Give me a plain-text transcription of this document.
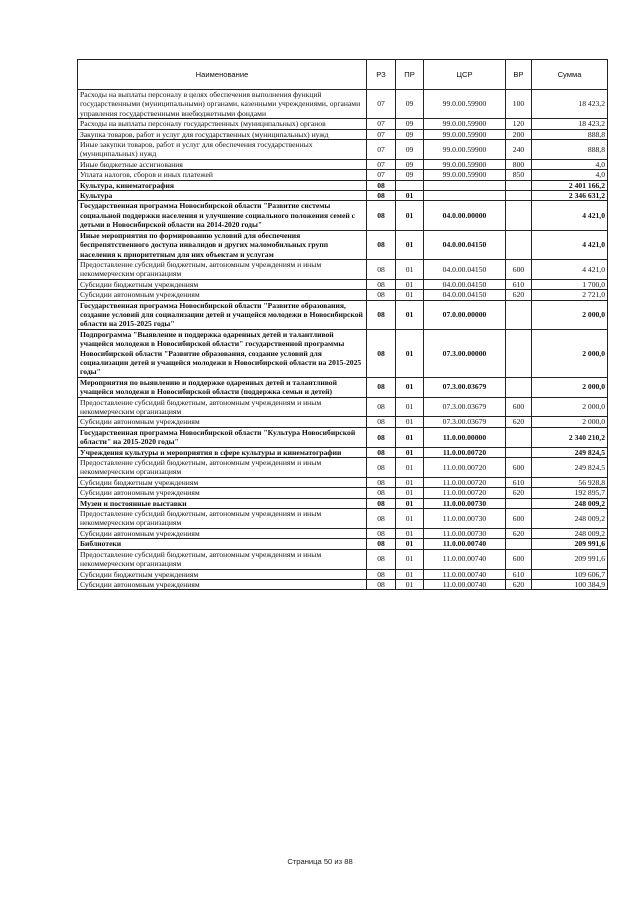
Наименование	РЗ	ПР	ЦСР	ВР	Сумма
Расходы на выплаты персоналу в целях обеспечения выполнения функций государственными (муниципальными) органами, казенными учреждениями, органами управления государственными внебюджетными фондами	07	09	99.0.00.59900	100	18 423,2
Расходы на выплаты персоналу государственных (муниципальных) органов	07	09	99.0.00.59900	120	18 423,2
Закупка товаров, работ и услуг для государственных (муниципальных) нужд	07	09	99.0.00.59900	200	888,8
Иные закупки товаров, работ и услуг для обеспечения государственных (муниципальных) нужд	07	09	99.0.00.59900	240	888,8
Иные бюджетные ассигнования	07	09	99.0.00.59900	800	4,0
Уплата налогов, сборов и иных платежей	07	09	99.0.00.59900	850	4,0
Культура, кинематография	08				2 401 166,2
Культура	08	01			2 346 631,2
Государственная программа Новосибирской области "Развитие системы социальной поддержки населения и улучшение социального положения семей с детьми в Новосибирской области на 2014-2020 годы"	08	01	04.0.00.00000		4 421,0
Иные мероприятия по формированию условий для обеспечения беспрепятственного доступа инвалидов и других маломобильных групп населения к приоритетным для них объектам и услугам	08	01	04.0.00.04150		4 421,0
Предоставление субсидий бюджетным, автономным учреждениям и иным некоммерческим организациям	08	01	04.0.00.04150	600	4 421,0
Субсидии бюджетным учреждениям	08	01	04.0.00.04150	610	1 700,0
Субсидии автономным учреждениям	08	01	04.0.00.04150	620	2 721,0
Государственная программа Новосибирской области "Развитие образования, создание условий для социализации детей и учащейся молодежи в Новосибирской области на 2015-2025 годы"	08	01	07.0.00.00000		2 000,0
Подпрограмма "Выявление и поддержка одаренных детей и талантливой учащейся молодежи в Новосибирской области" государственной программы Новосибирской области "Развитие образования, создание условий для социализации детей и учащейся молодежи в Новосибирской области на 2015-2025 годы"	08	01	07.3.00.00000		2 000,0
Мероприятия по выявлению и поддержке одаренных детей и талантливой учащейся молодежи в Новосибирской области (поддержка семьи и детей)	08	01	07.3.00.03679		2 000,0
Предоставление субсидий бюджетным, автономным учреждениям и иным некоммерческим организациям	08	01	07.3.00.03679	600	2 000,0
Субсидии автономным учреждениям	08	01	07.3.00.03679	620	2 000,0
Государственная программа Новосибирской области "Культура Новосибирской области" на 2015-2020 годы"	08	01	11.0.00.00000		2 340 210,2
Учреждения культуры и мероприятия в сфере культуры и кинематографии	08	01	11.0.00.00720		249 824,5
Предоставление субсидий бюджетным, автономным учреждениям и иным некоммерческим организациям	08	01	11.0.00.00720	600	249 824,5
Субсидии бюджетным учреждениям	08	01	11.0.00.00720	610	56 928,8
Субсидии автономным учреждениям	08	01	11.0.00.00720	620	192 895,7
Музеи и постоянные выставки	08	01	11.0.00.00730		248 009,2
Предоставление субсидий бюджетным, автономным учреждениям и иным некоммерческим организациям	08	01	11.0.00.00730	600	248 009,2
Субсидии автономным учреждениям	08	01	11.0.00.00730	620	248 009,2
Библиотеки	08	01	11.0.00.00740		209 991,6
Предоставление субсидий бюджетным, автономным учреждениям и иным некоммерческим организациям	08	01	11.0.00.00740	600	209 991,6
Субсидии бюджетным учреждениям	08	01	11.0.00.00740	610	109 606,7
Субсидии автономным учреждениям	08	01	11.0.00.00740	620	100 384,9
Страница 50 из 88
